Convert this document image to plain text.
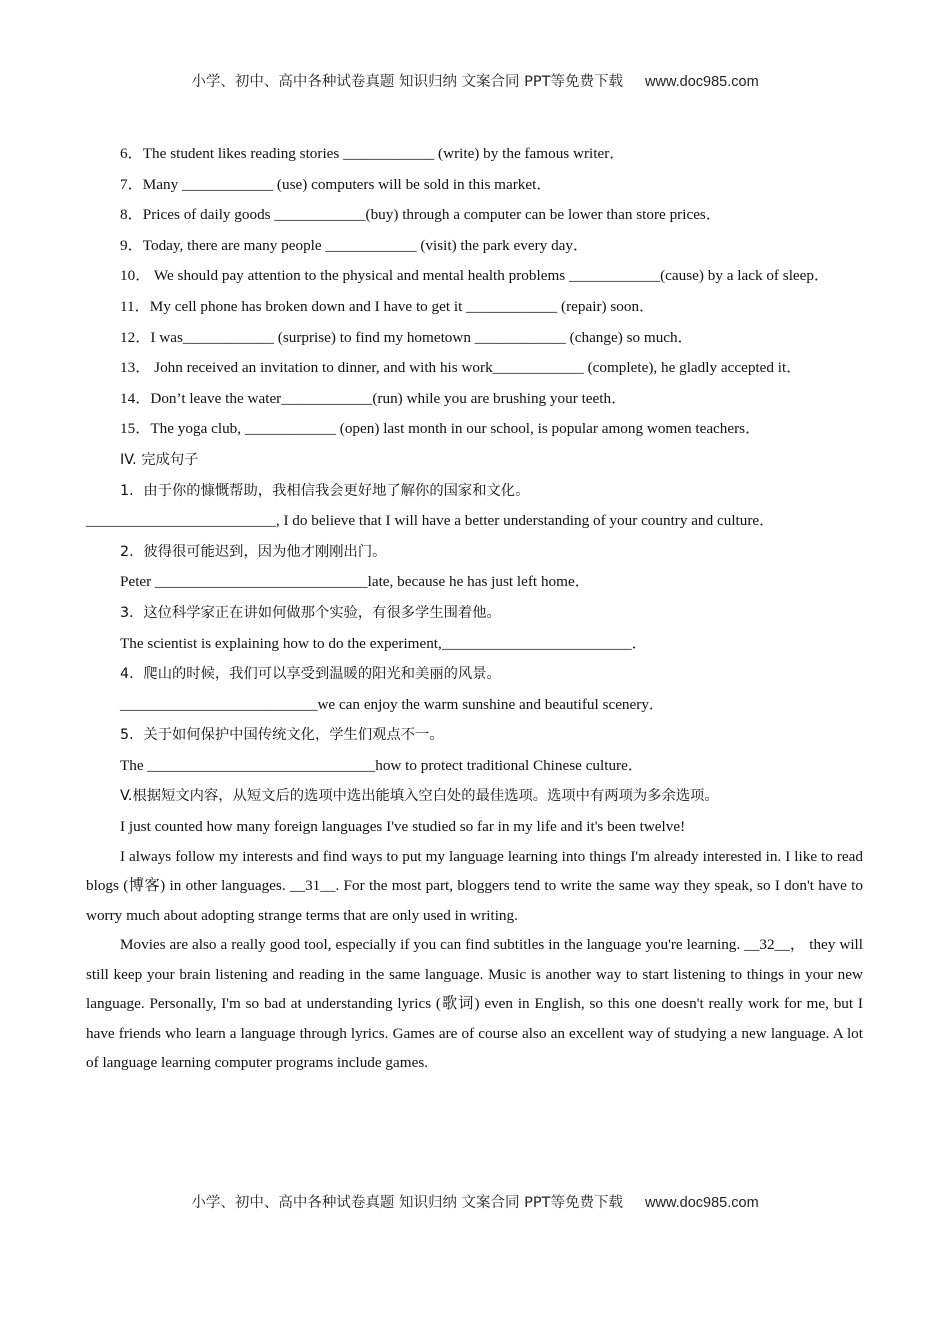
小学、初中、高中各种试卷真题 知识归纳 文案合同 PPT等免费下载 www.doc985.com

6．The student likes reading stories ____________ (write) by the famous writer．

7．Many ____________ (use) computers will be sold in this market．

8．Prices of daily goods ____________(buy) through a computer can be lower than store prices．

9．Today, there are many people ____________ (visit) the park every day．

10． We should pay attention to the physical and mental health problems ____________(cause) by a lack of sleep．

11．My cell phone has broken down and I have to get it ____________ (repair) soon．

12．I was____________ (surprise) to find my hometown ____________ (change) so much．

13． John received an invitation to dinner, and with his work____________ (complete), he gladly accepted it．

14．Don’t leave the water____________(run) while you are brushing your teeth．

15．The yoga club, ____________ (open) last month in our school, is popular among women teachers．

IV. 完成句子

1．由于你的慷慨帮助，我相信我会更好地了解你的国家和文化。

_________________________, I do believe that I will have a better understanding of your country and culture．

2．彼得很可能迟到，因为他才刚刚出门。

Peter ____________________________late, because he has just left home．

3．这位科学家正在讲如何做那个实验，有很多学生围着他。

The scientist is explaining how to do the experiment,_________________________．

4．爬山的时候，我们可以享受到温暖的阳光和美丽的风景。

__________________________we can enjoy the warm sunshine and beautiful scenery．

5．关于如何保护中国传统文化，学生们观点不一。

The ______________________________how to protect traditional Chinese culture．

V.根据短文内容，从短文后的选项中选出能填入空白处的最佳选项。选项中有两项为多余选项。

I just counted how many foreign languages I've studied so far in my life and it's been twelve!

I always follow my interests and find ways to put my language learning into things I'm already interested in. I like to read blogs (博客) in other languages. __31__. For the most part, bloggers tend to write the same way they speak, so I don't have to worry much about adopting strange terms that are only used in writing.

Movies are also a really good tool, especially if you can find subtitles in the language you're learning. __32__， they will still keep your brain listening and reading in the same language. Music is another way to start listening to things in your new language. Personally, I'm so bad at understanding lyrics (歌词) even in English, so this one doesn't really work for me, but I have friends who learn a language through lyrics. Games are of course also an excellent way of studying a new language. A lot of language learning computer programs include games.

小学、初中、高中各种试卷真题 知识归纳 文案合同 PPT等免费下载 www.doc985.com
